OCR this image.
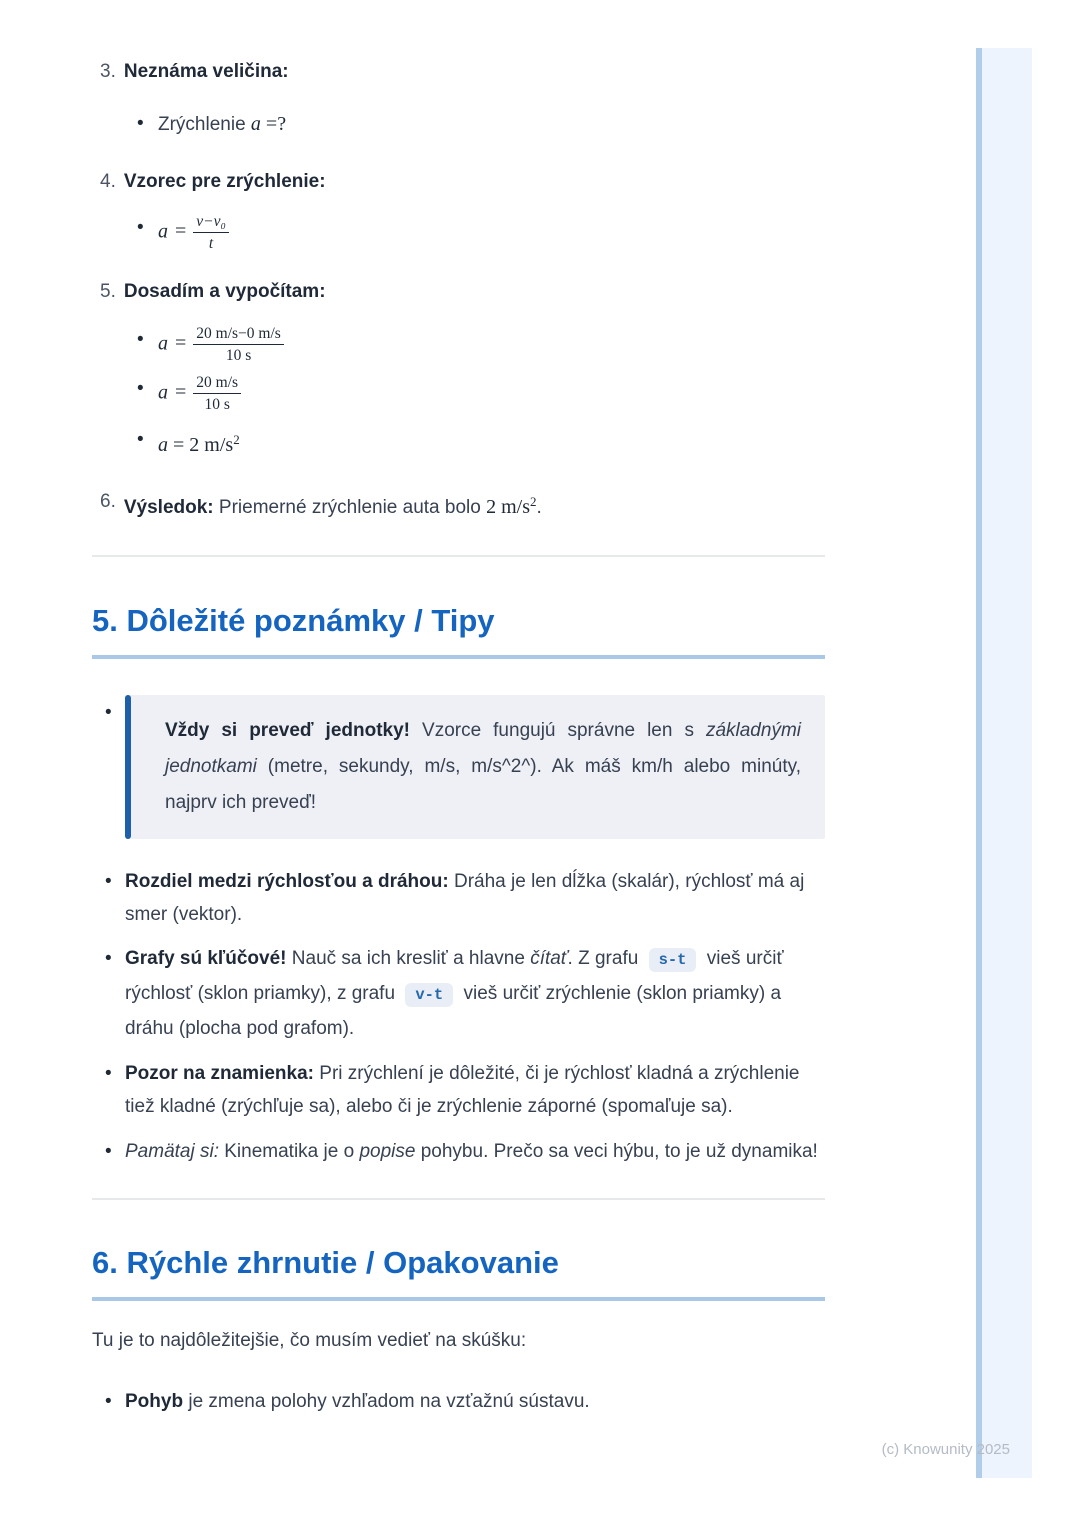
3. Neznáma veličina:
• Zrýchlenie a =?
4. Vzorec pre zrýchlenie:
• $a = \frac{\text{v−v₀}}{t}$
5. Dosadím a vypočítam:
• $a = \frac{20 m/s-0 m/s}{10 s}$
• $a = \frac{20 m/s}{10 s}$
• a = 2 $m/s^2$
6. Výsledok: Priemerné zrýchlenie auta bolo 2 $m/s^2$.
5. Dôležité poznámky / Tipy
•

Vždy si preveď jednotky! Vzorce fungujú správne len s základnými jednotkami (metre, sekundy, m/s, m/s^2^). Ak máš km/h alebo minúty, najprv ich preveď!

• Rozdiel medzi rýchlosťou a dráhou: Dráha je len dĺžka (skalár), rýchlosť má aj smer (vektor).
• Grafy sú kľúčové! Nauč sa ich kresliť a hlavne čítať. Z grafu s-t vieš určiť rýchlosť (sklon priamky), z grafu v-t vieš určiť zrýchlenie (sklon priamky) a dráhu (plocha pod grafom).
• Pozor na znamienka: Pri zrýchlení je dôležité, či je rýchlosť kladná a zrýchlenie tiež kladné (zrýchľuje sa), alebo či je zrýchlenie záporné (spomaľuje sa).
• Pamätaj si: Kinematika je o popise pohybu. Prečo sa veci hýbu, to je už dynamika!
6. Rýchle zhrnutie / Opakovanie

Tu je to najdôležitejšie, čo musím vedieť na skúšku:

• Pohyb je zmena polohy vzhľadom na vzťažnú sústavu.
(c) Knowunity 2025
